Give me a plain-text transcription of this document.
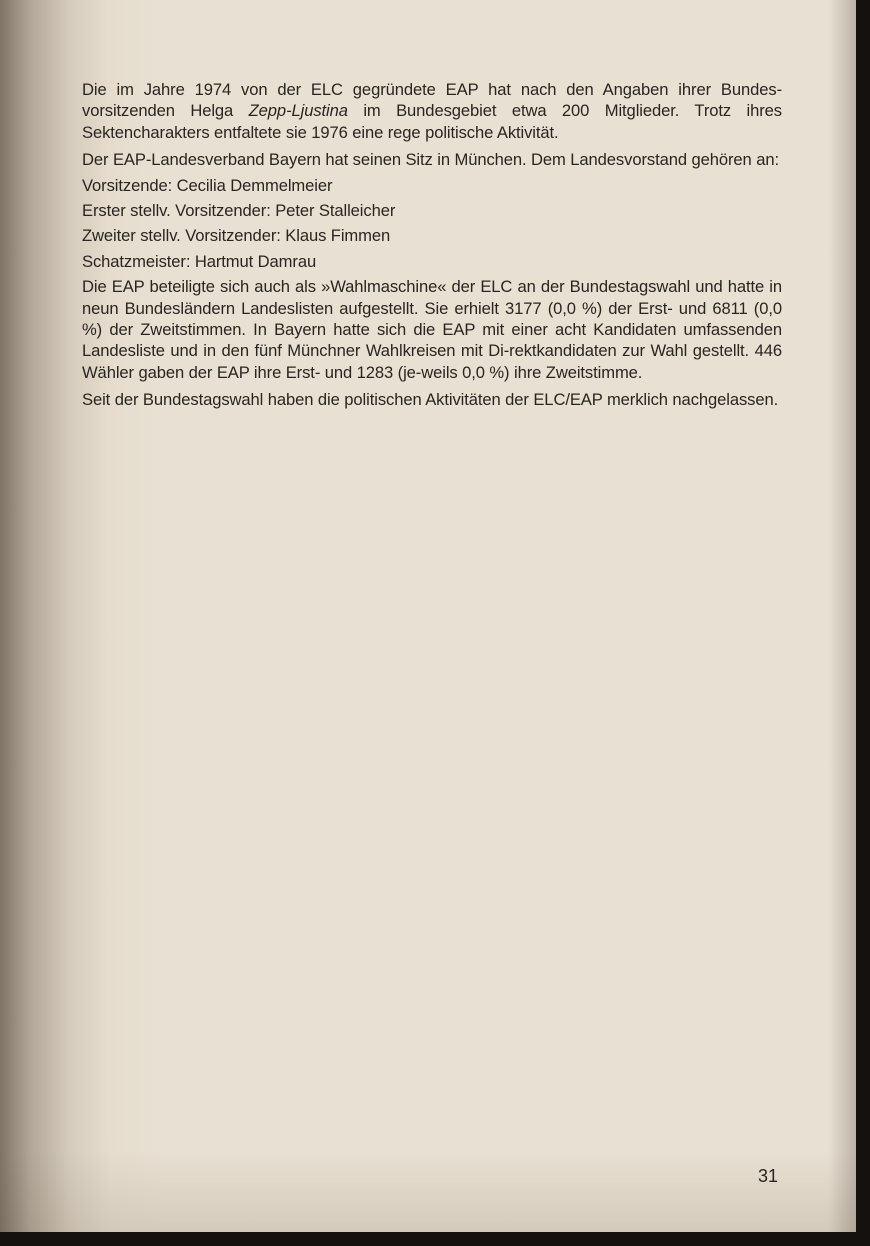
Die im Jahre 1974 von der ELC gegründete EAP hat nach den Angaben ihrer Bundes-vorsitzenden Helga Zepp-Ljustina im Bundesgebiet etwa 200 Mitglieder. Trotz ihres Sektencharakters entfaltete sie 1976 eine rege politische Aktivität.

Der EAP-Landesverband Bayern hat seinen Sitz in München. Dem Landesvorstand gehören an:

Vorsitzende: Cecilia Demmelmeier

Erster stellv. Vorsitzender: Peter Stalleicher

Zweiter stellv. Vorsitzender: Klaus Fimmen

Schatzmeister: Hartmut Damrau

Die EAP beteiligte sich auch als »Wahlmaschine« der ELC an der Bundestagswahl und hatte in neun Bundesländern Landeslisten aufgestellt. Sie erhielt 3177 (0,0 %) der Erst- und 6811 (0,0 %) der Zweitstimmen. In Bayern hatte sich die EAP mit einer acht Kandidaten umfassenden Landesliste und in den fünf Münchner Wahlkreisen mit Di-rektkandidaten zur Wahl gestellt. 446 Wähler gaben der EAP ihre Erst- und 1283 (je-weils 0,0 %) ihre Zweitstimme.

Seit der Bundestagswahl haben die politischen Aktivitäten der ELC/EAP merklich nachgelassen.

31
